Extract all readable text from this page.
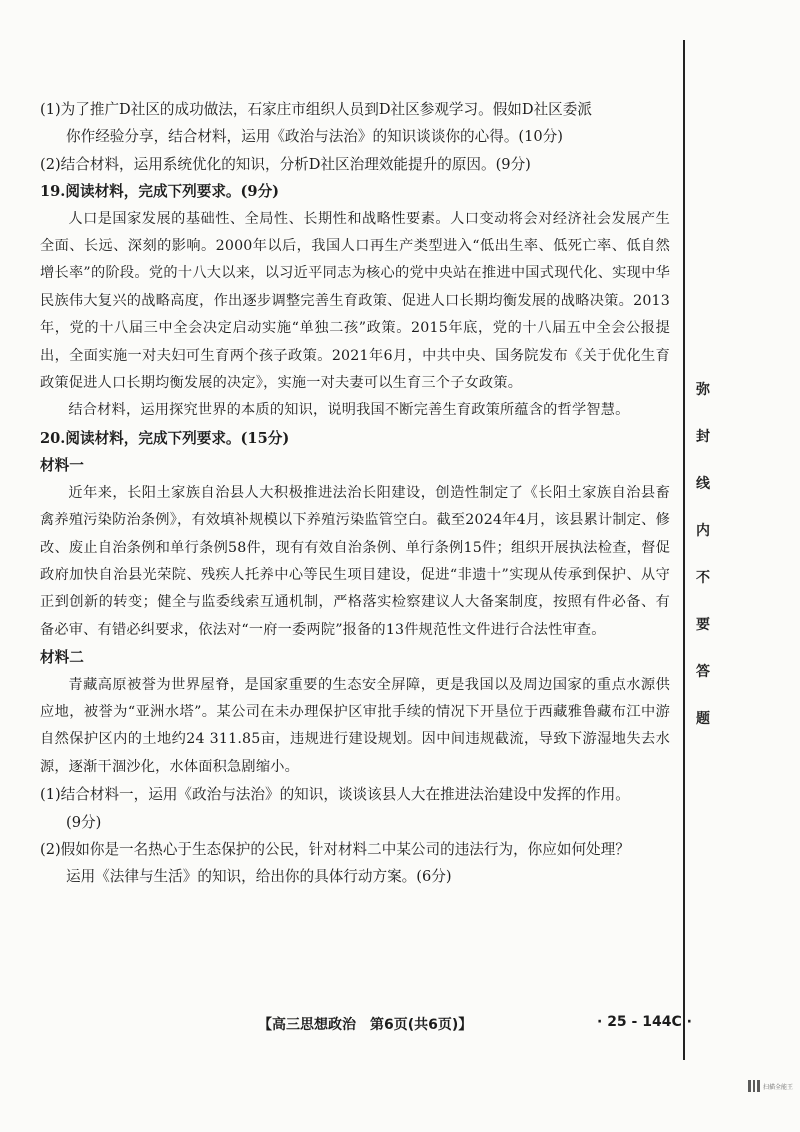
(1)为了推广D社区的成功做法，石家庄市组织人员到D社区参观学习。假如D社区委派

你作经验分享，结合材料，运用《政治与法治》的知识谈谈你的心得。(10分)

(2)结合材料，运用系统优化的知识，分析D社区治理效能提升的原因。(9分)

19.阅读材料，完成下列要求。(9分)

人口是国家发展的基础性、全局性、长期性和战略性要素。人口变动将会对经济社会发展产生全面、长远、深刻的影响。2000年以后，我国人口再生产类型进入“低出生率、低死亡率、低自然增长率”的阶段。党的十八大以来，以习近平同志为核心的党中央站在推进中国式现代化、实现中华民族伟大复兴的战略高度，作出逐步调整完善生育政策、促进人口长期均衡发展的战略决策。2013年，党的十八届三中全会决定启动实施“单独二孩”政策。2015年底，党的十八届五中全会公报提出，全面实施一对夫妇可生育两个孩子政策。2021年6月，中共中央、国务院发布《关于优化生育政策促进人口长期均衡发展的决定》，实施一对夫妻可以生育三个子女政策。

结合材料，运用探究世界的本质的知识，说明我国不断完善生育政策所蕴含的哲学智慧。

20.阅读材料，完成下列要求。(15分)

材料一

近年来，长阳土家族自治县人大积极推进法治长阳建设，创造性制定了《长阳土家族自治县畜禽养殖污染防治条例》，有效填补规模以下养殖污染监管空白。截至2024年4月，该县累计制定、修改、废止自治条例和单行条例58件，现有有效自治条例、单行条例15件；组织开展执法检查，督促政府加快自治县光荣院、残疾人托养中心等民生项目建设，促进“非遗十”实现从传承到保护、从守正到创新的转变；健全与监委线索互通机制，严格落实检察建议人大备案制度，按照有件必备、有备必审、有错必纠要求，依法对“一府一委两院”报备的13件规范性文件进行合法性审查。

材料二

青藏高原被誉为世界屋脊，是国家重要的生态安全屏障，更是我国以及周边国家的重点水源供应地，被誉为“亚洲水塔”。某公司在未办理保护区审批手续的情况下开垦位于西藏雅鲁藏布江中游自然保护区内的土地约24 311.85亩，违规进行建设规划。因中间违规截流，导致下游湿地失去水源，逐渐干涸沙化，水体面积急剧缩小。

(1)结合材料一，运用《政治与法治》的知识，谈谈该县人大在推进法治建设中发挥的作用。

(9分)

(2)假如你是一名热心于生态保护的公民，针对材料二中某公司的违法行为，你应如何处理？

运用《法律与生活》的知识，给出你的具体行动方案。(6分)

弥
封
线
内
不
要
答
题
【高三思想政治　第6页(共6页)】	· 25 - 144C ·
扫描全能王
